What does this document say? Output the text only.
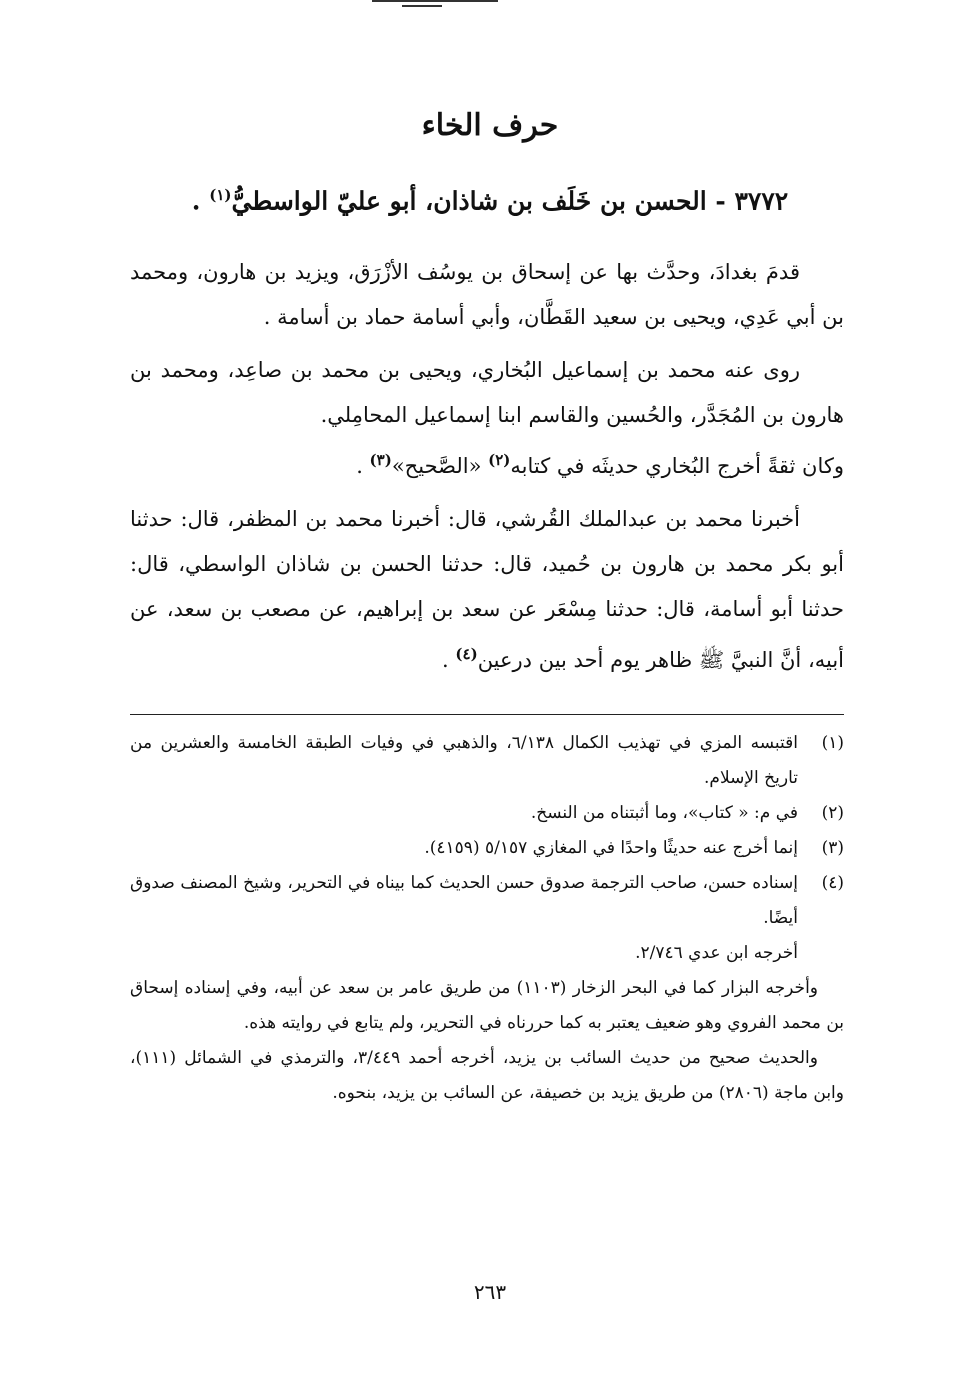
حرف الخاء
٣٧٧٢ - الحسن بن خَلَف بن شاذان، أبو عليّ الواسطيُّ$^{(١)}$ .

قدمَ بغدادَ، وحدَّث بها عن إسحاق بن يوسُف الأزْرَق، ويزيد بن هارون، ومحمد بن أبي عَدِي، ويحيى بن سعيد القَطَّان، وأبي أسامة حماد بن أسامة .

روى عنه محمد بن إسماعيل البُخاري، ويحيى بن محمد بن صاعِد، ومحمد بن هارون بن المُجَدَّر، والحُسين والقاسم ابنا إسماعيل المحامِلي.

وكان ثقةً أخرج البُخاري حديثَه في كتابه$^{(٢)}$ «الصَّحيح»$^{(٣)}$ .

أخبرنا محمد بن عبدالملك القُرشي، قال: أخبرنا محمد بن المظفر، قال: حدثنا أبو بكر محمد بن هارون بن حُميد، قال: حدثنا الحسن بن شاذان الواسطي، قال: حدثنا أبو أسامة، قال: حدثنا مِسْعَر عن سعد بن إبراهيم، عن مصعب بن سعد، عن أبيه، أنَّ النبيَّ ﷺ ظاهر يوم أحد بين درعين$^{(٤)}$ .

(١)
اقتبسه المزي في تهذيب الكمال ٦/١٣٨، والذهبي في وفيات الطبقة الخامسة والعشرين من تاريخ الإسلام.
(٢)
في م: « كتاب»، وما أثبتناه من النسخ.
(٣)
إنما أخرج عنه حديثًا واحدًا في المغازي ٥/١٥٧ (٤١٥٩).
(٤)
إسناده حسن، صاحب الترجمة صدوق حسن الحديث كما بيناه في التحرير، وشيخ المصنف صدوق أيضًا.

أخرجه ابن عدي ٢/٧٤٦.

وأخرجه البزار كما في البحر الزخار (١١٠٣) من طريق عامر بن سعد عن أبيه، وفي إسناده إسحاق بن محمد الفروي وهو ضعيف يعتبر به كما حررناه في التحرير، ولم يتابع في روايته هذه.

والحديث صحيح من حديث السائب بن يزيد، أخرجه أحمد ٣/٤٤٩، والترمذي في الشمائل (١١١)، وابن ماجة (٢٨٠٦) من طريق يزيد بن خصيفة، عن السائب بن يزيد، بنحوه.

٢٦٣
